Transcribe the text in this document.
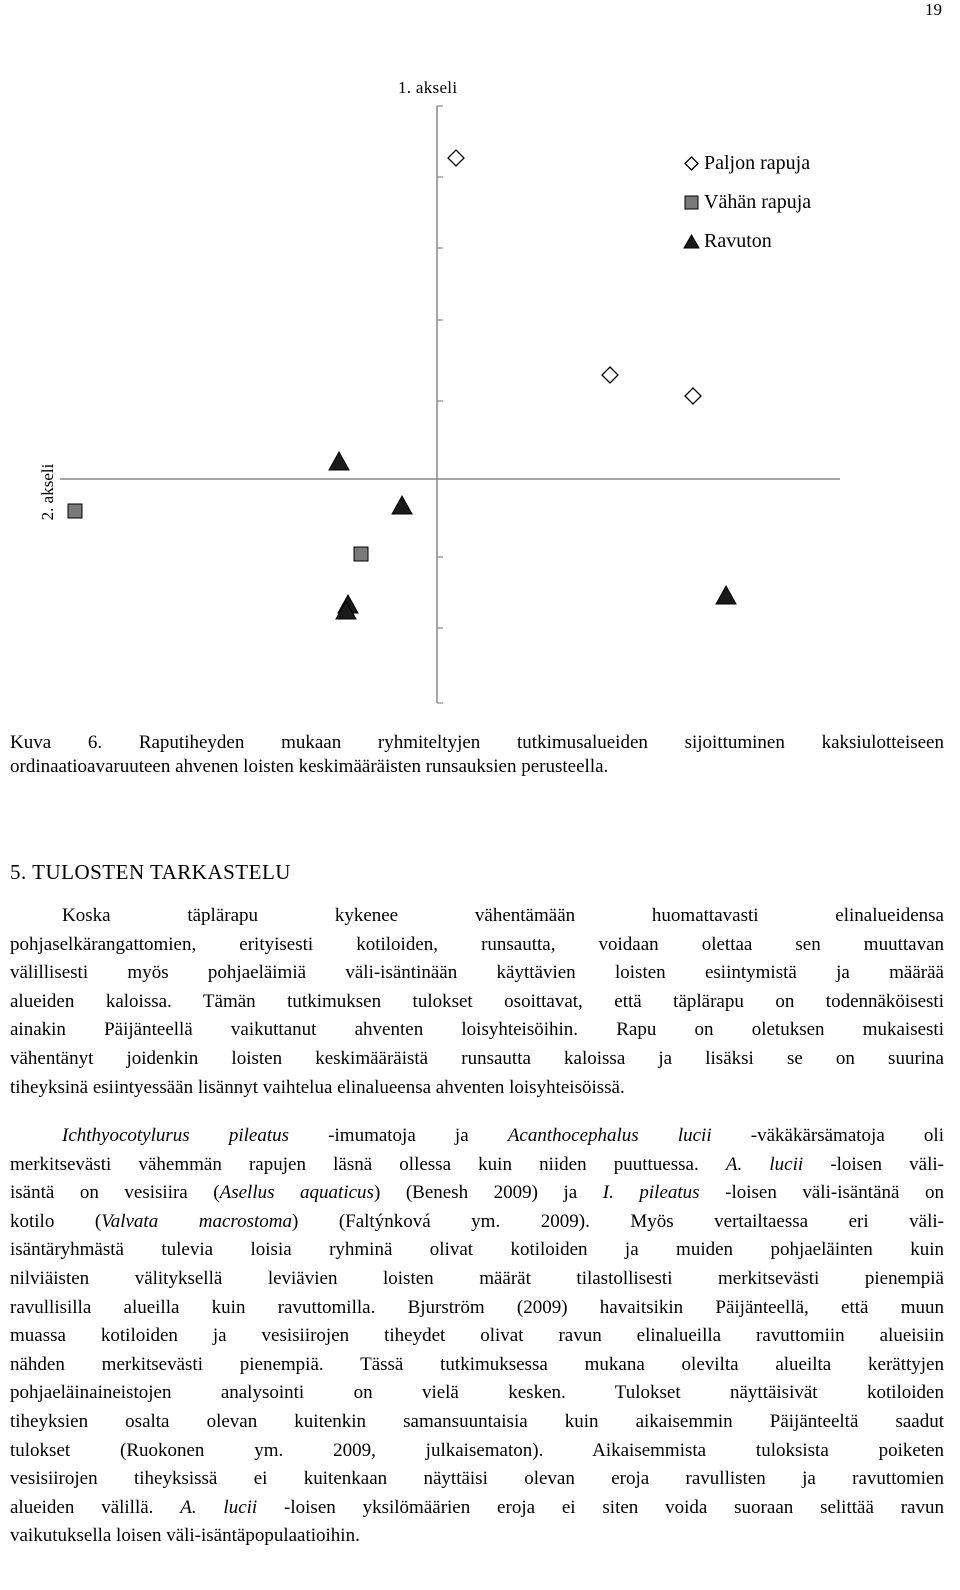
19
1. akseli
2. akseli
Paljon rapuja
Vähän rapuja
Ravuton
Kuva 6. Raputiheyden mukaan ryhmiteltyjen tutkimusalueiden sijoittuminen kaksiulotteiseen
ordinaatioavaruuteen ahvenen loisten keskimääräisten runsauksien perusteella.
5. TULOSTEN TARKASTELU
Koska täplärapu kykenee vähentämään huomattavasti elinalueidensa
pohjaselkärangattomien, erityisesti kotiloiden, runsautta, voidaan olettaa sen muuttavan
välillisesti myös pohjaeläimiä väli-isäntinään käyttävien loisten esiintymistä ja määrää
alueiden kaloissa. Tämän tutkimuksen tulokset osoittavat, että täplärapu on todennäköisesti
ainakin Päijänteellä vaikuttanut ahventen loisyhteisöihin. Rapu on oletuksen mukaisesti
vähentänyt joidenkin loisten keskimääräistä runsautta kaloissa ja lisäksi se on suurina
tiheyksinä esiintyessään lisännyt vaihtelua elinalueensa ahventen loisyhteisöissä.
Ichthyocotylurus pileatus -imumatoja ja Acanthocephalus lucii -väkäkärsämatoja oli
merkitsevästi vähemmän rapujen läsnä ollessa kuin niiden puuttuessa. A. lucii -loisen väli-
isäntä on vesisiira (Asellus aquaticus) (Benesh 2009) ja I. pileatus -loisen väli-isäntänä on
kotilo (Valvata macrostoma) (Faltýnková ym. 2009). Myös vertailtaessa eri väli-
isäntäryhmästä tulevia loisia ryhminä olivat kotiloiden ja muiden pohjaeläinten kuin
nilviäisten välityksellä leviävien loisten määrät tilastollisesti merkitsevästi pienempiä
ravullisilla alueilla kuin ravuttomilla. Bjurström (2009) havaitsikin Päijänteellä, että muun
muassa kotiloiden ja vesisiirojen tiheydet olivat ravun elinalueilla ravuttomiin alueisiin
nähden merkitsevästi pienempiä. Tässä tutkimuksessa mukana olevilta alueilta kerättyjen
pohjaeläinaineistojen analysointi on vielä kesken. Tulokset näyttäisivät kotiloiden
tiheyksien osalta olevan kuitenkin samansuuntaisia kuin aikaisemmin Päijänteeltä saadut
tulokset (Ruokonen ym. 2009, julkaisematon). Aikaisemmista tuloksista poiketen
vesisiirojen tiheyksissä ei kuitenkaan näyttäisi olevan eroja ravullisten ja ravuttomien
alueiden välillä. A. lucii -loisen yksilömäärien eroja ei siten voida suoraan selittää ravun
vaikutuksella loisen väli-isäntäpopulaatioihin.
